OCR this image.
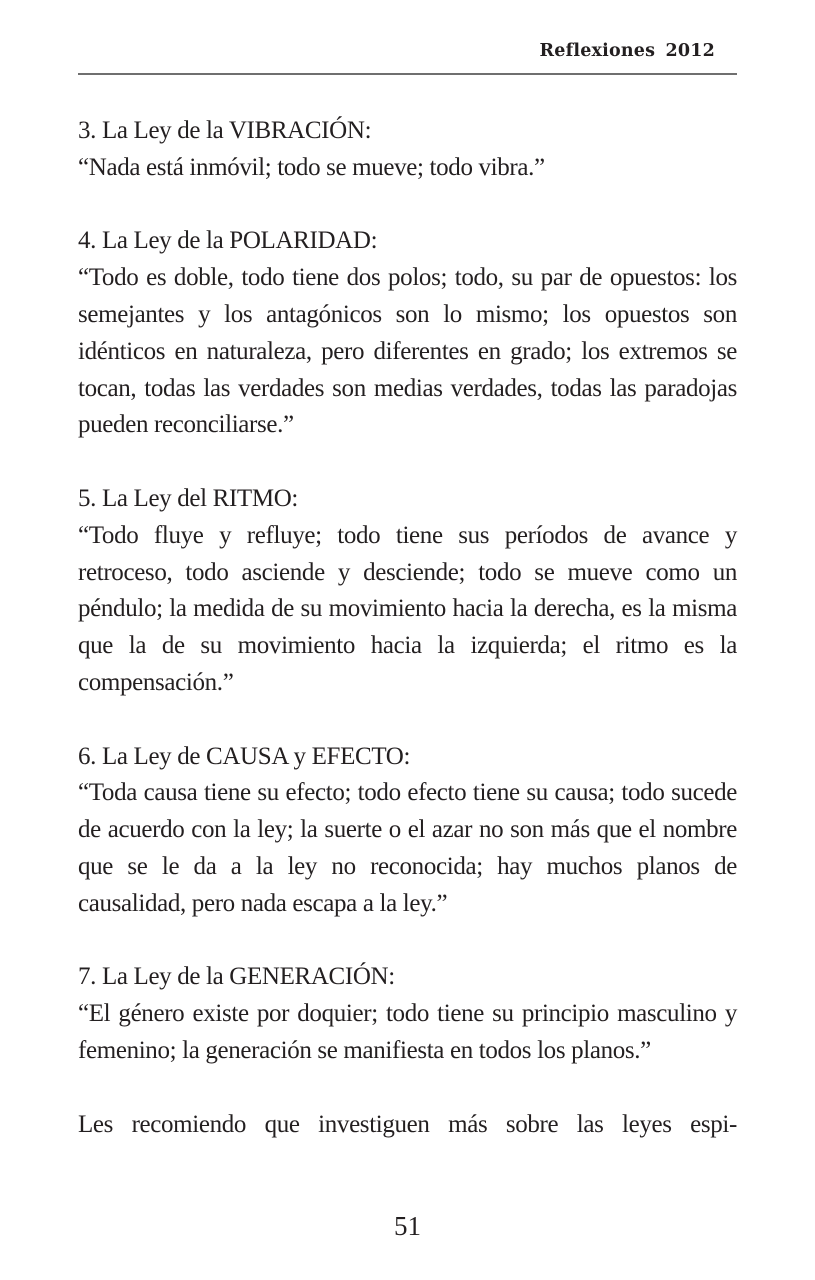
Reflexiones 2012
3. La Ley de la VIBRACIÓN:
“Nada está inmóvil; todo se mueve; todo vibra.”
4. La Ley de la POLARIDAD:
“Todo es doble, todo tiene dos polos; todo, su par de opuestos: los semejantes y los antagónicos son lo mismo; los opuestos son idénticos en naturaleza, pero diferentes en grado; los extremos se tocan, todas las verdades son medias verdades, todas las paradojas pueden reconciliarse.”
5. La Ley del RITMO:
“Todo fluye y refluye; todo tiene sus períodos de avance y retroceso, todo asciende y desciende; todo se mueve como un péndulo; la medida de su movimiento hacia la derecha, es la misma que la de su movimiento hacia la izquierda; el ritmo es la compensación.”
6. La Ley de CAUSA y EFECTO:
“Toda causa tiene su efecto; todo efecto tiene su causa; todo sucede de acuerdo con la ley; la suerte o el azar no son más que el nombre que se le da a la ley no reconocida; hay muchos planos de causalidad, pero nada escapa a la ley.”
7. La Ley de la GENERACIÓN:
“El género existe por doquier; todo tiene su principio masculino y femenino; la generación se manifiesta en todos los planos.”

Les recomiendo que investiguen más sobre las leyes espi-

51
